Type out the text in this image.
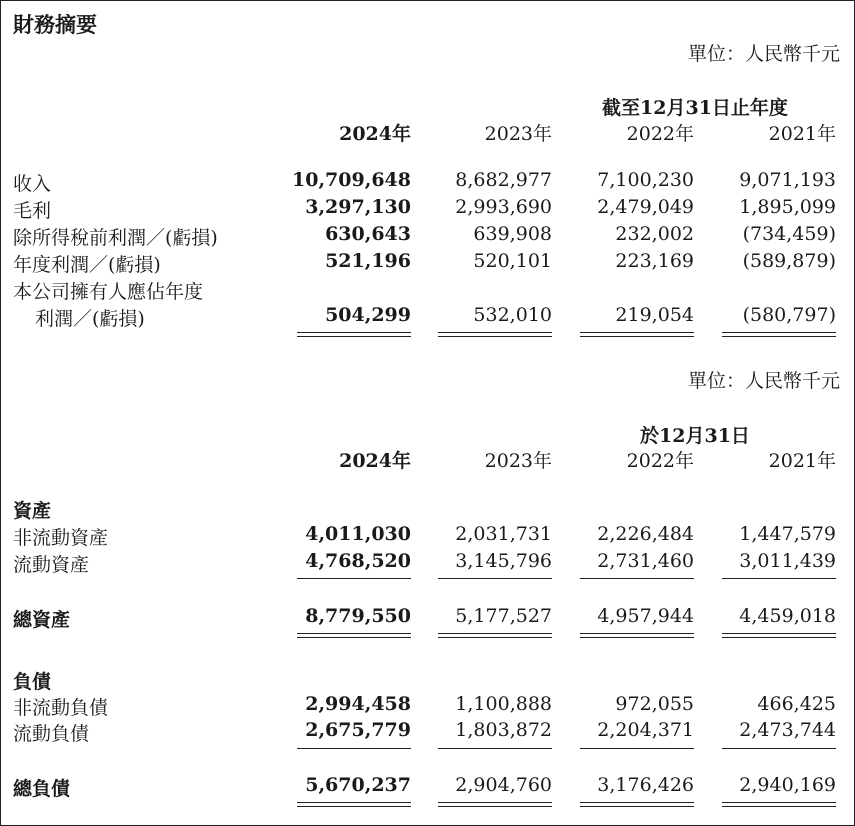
財務摘要
單位：人民幣千元
截至12月31日止年度
2024年	2023年	2022年	2021年
收入	10,709,648	8,682,977	7,100,230	9,071,193
毛利	3,297,130	2,993,690	2,479,049	1,895,099
除所得稅前利潤／(虧損)	630,643	639,908	232,002	(734,459)
年度利潤／(虧損)	521,196	520,101	223,169	(589,879)
本公司擁有人應佔年度
利潤／(虧損)	504,299	532,010	219,054	(580,797)
單位：人民幣千元
於12月31日
2024年	2023年	2022年	2021年
資產
非流動資產	4,011,030	2,031,731	2,226,484	1,447,579
流動資產	4,768,520	3,145,796	2,731,460	3,011,439
總資產	8,779,550	5,177,527	4,957,944	4,459,018
負債
非流動負債	2,994,458	1,100,888	972,055	466,425
流動負債	2,675,779	1,803,872	2,204,371	2,473,744
總負債	5,670,237	2,904,760	3,176,426	2,940,169
